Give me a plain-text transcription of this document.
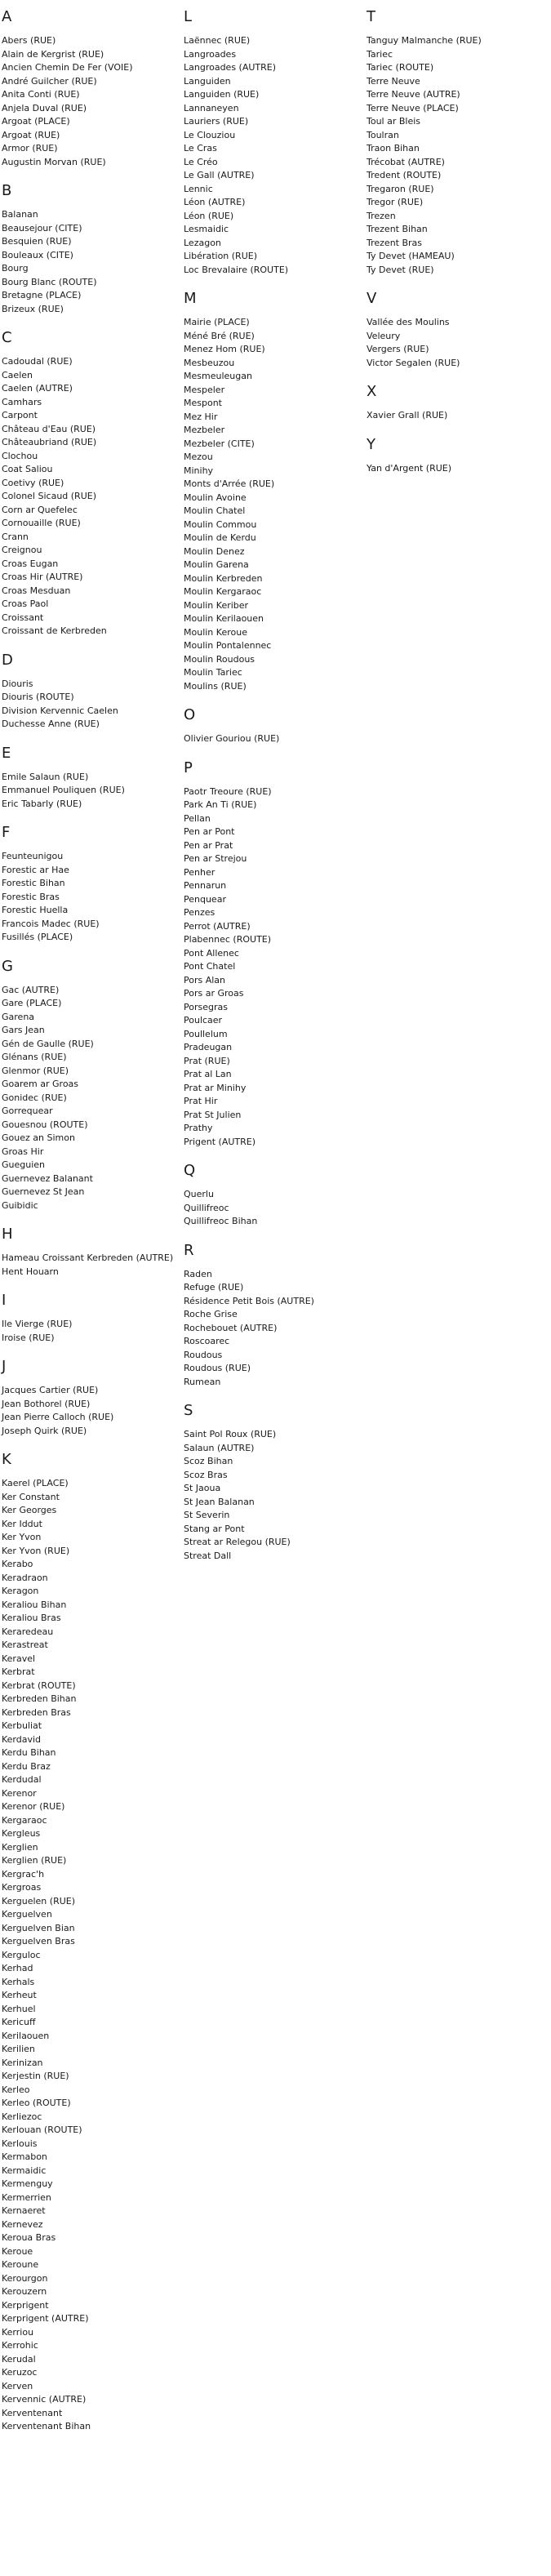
A
Abers (RUE)
Alain de Kergrist (RUE)
Ancien Chemin De Fer (VOIE)
André Guilcher (RUE)
Anita Conti (RUE)
Anjela Duval (RUE)
Argoat (PLACE)
Argoat (RUE)
Armor (RUE)
Augustin Morvan (RUE)
B
Balanan
Beausejour (CITE)
Besquien (RUE)
Bouleaux (CITE)
Bourg
Bourg Blanc (ROUTE)
Bretagne (PLACE)
Brizeux (RUE)
C
Cadoudal (RUE)
Caelen
Caelen (AUTRE)
Camhars
Carpont
Château d'Eau (RUE)
Châteaubriand (RUE)
Clochou
Coat Saliou
Coetivy (RUE)
Colonel Sicaud (RUE)
Corn ar Quefelec
Cornouaille (RUE)
Crann
Creignou
Croas Eugan
Croas Hir (AUTRE)
Croas Mesduan
Croas Paol
Croissant
Croissant de Kerbreden
D
Diouris
Diouris (ROUTE)
Division Kervennic Caelen
Duchesse Anne (RUE)
E
Emile Salaun (RUE)
Emmanuel Pouliquen (RUE)
Eric Tabarly (RUE)
F
Feunteunigou
Forestic ar Hae
Forestic Bihan
Forestic Bras
Forestic Huella
Francois Madec (RUE)
Fusillés (PLACE)
G
Gac (AUTRE)
Gare (PLACE)
Garena
Gars Jean
Gén de Gaulle (RUE)
Glénans (RUE)
Glenmor (RUE)
Goarem ar Groas
Gonidec (RUE)
Gorrequear
Gouesnou (ROUTE)
Gouez an Simon
Groas Hir
Gueguien
Guernevez Balanant
Guernevez St Jean
Guibidic
H
Hameau Croissant Kerbreden (AUTRE)
Hent Houarn
I
Ile Vierge (RUE)
Iroise (RUE)
J
Jacques Cartier (RUE)
Jean Bothorel (RUE)
Jean Pierre Calloch (RUE)
Joseph Quirk (RUE)
K
Kaerel (PLACE)
Ker Constant
Ker Georges
Ker Iddut
Ker Yvon
Ker Yvon (RUE)
Kerabo
Keradraon
Keragon
Keraliou Bihan
Keraliou Bras
Keraredeau
Kerastreat
Keravel
Kerbrat
Kerbrat (ROUTE)
Kerbreden Bihan
Kerbreden Bras
Kerbuliat
Kerdavid
Kerdu Bihan
Kerdu Braz
Kerdudal
Kerenor
Kerenor (RUE)
Kergaraoc
Kergleus
Kerglien
Kerglien (RUE)
Kergrac'h
Kergroas
Kerguelen (RUE)
Kerguelven
Kerguelven Bian
Kerguelven Bras
Kerguloc
Kerhad
Kerhals
Kerheut
Kerhuel
Kericuff
Kerilaouen
Kerilien
Kerinizan
Kerjestin (RUE)
Kerleo
Kerleo (ROUTE)
Kerliezoc
Kerlouan (ROUTE)
Kerlouis
Kermabon
Kermaidic
Kermenguy
Kermerrien
Kernaeret
Kernevez
Keroua Bras
Keroue
Keroune
Kerourgon
Kerouzern
Kerprigent
Kerprigent (AUTRE)
Kerriou
Kerrohic
Kerudal
Keruzoc
Kerven
Kervennic (AUTRE)
Kerventenant
Kerventenant Bihan
L
Laënnec (RUE)
Langroades
Langroades (AUTRE)
Languiden
Languiden (RUE)
Lannaneyen
Lauriers (RUE)
Le Clouziou
Le Cras
Le Créo
Le Gall (AUTRE)
Lennic
Léon (AUTRE)
Léon (RUE)
Lesmaidic
Lezagon
Libération (RUE)
Loc Brevalaire (ROUTE)
M
Mairie (PLACE)
Méné Bré (RUE)
Menez Hom (RUE)
Mesbeuzou
Mesmeuleugan
Mespeler
Mespont
Mez Hir
Mezbeler
Mezbeler (CITE)
Mezou
Minihy
Monts d'Arrée (RUE)
Moulin Avoine
Moulin Chatel
Moulin Commou
Moulin de Kerdu
Moulin Denez
Moulin Garena
Moulin Kerbreden
Moulin Kergaraoc
Moulin Keriber
Moulin Kerilaouen
Moulin Keroue
Moulin Pontalennec
Moulin Roudous
Moulin Tariec
Moulins (RUE)
O
Olivier Gouriou (RUE)
P
Paotr Treoure (RUE)
Park An Ti (RUE)
Pellan
Pen ar Pont
Pen ar Prat
Pen ar Strejou
Penher
Pennarun
Penquear
Penzes
Perrot (AUTRE)
Plabennec (ROUTE)
Pont Allenec
Pont Chatel
Pors Alan
Pors ar Groas
Porsegras
Poulcaer
Poullelum
Pradeugan
Prat (RUE)
Prat al Lan
Prat ar Minihy
Prat Hir
Prat St Julien
Prathy
Prigent (AUTRE)
Q
Querlu
Quillifreoc
Quillifreoc Bihan
R
Raden
Refuge (RUE)
Résidence Petit Bois (AUTRE)
Roche Grise
Rochebouet (AUTRE)
Roscoarec
Roudous
Roudous (RUE)
Rumean
S
Saint Pol Roux (RUE)
Salaun (AUTRE)
Scoz Bihan
Scoz Bras
St Jaoua
St Jean Balanan
St Severin
Stang ar Pont
Streat ar Relegou (RUE)
Streat Dall
T
Tanguy Malmanche (RUE)
Tariec
Tariec (ROUTE)
Terre Neuve
Terre Neuve (AUTRE)
Terre Neuve (PLACE)
Toul ar Bleis
Toulran
Traon Bihan
Trécobat (AUTRE)
Tredent (ROUTE)
Tregaron (RUE)
Tregor (RUE)
Trezen
Trezent Bihan
Trezent Bras
Ty Devet (HAMEAU)
Ty Devet (RUE)
V
Vallée des Moulins
Veleury
Vergers (RUE)
Victor Segalen (RUE)
X
Xavier Grall (RUE)
Y
Yan d'Argent (RUE)
